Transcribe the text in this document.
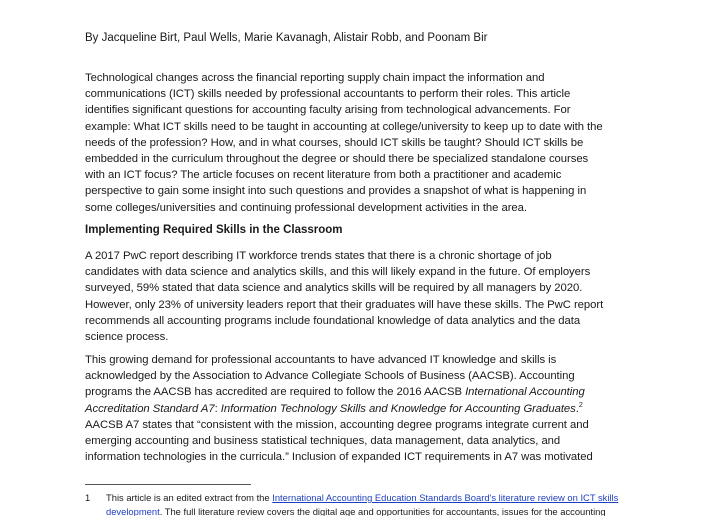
By Jacqueline Birt, Paul Wells, Marie Kavanagh, Alistair Robb, and Poonam Bir
Technological changes across the financial reporting supply chain impact the information and
communications (ICT) skills needed by professional accountants to perform their roles. This article
identifies significant questions for accounting faculty arising from technological advancements. For
example: What ICT skills need to be taught in accounting at college/university to keep up to date with the
needs of the profession? How, and in what courses, should ICT skills be taught? Should ICT skills be
embedded in the curriculum throughout the degree or should there be specialized standalone courses
with an ICT focus? The article focuses on recent literature from both a practitioner and academic
perspective to gain some insight into such questions and provides a snapshot of what is happening in
some colleges/universities and continuing professional development activities in the area.
Implementing Required Skills in the Classroom
A 2017 PwC report describing IT workforce trends states that there is a chronic shortage of job
candidates with data science and analytics skills, and this will likely expand in the future. Of employers
surveyed, 59% stated that data science and analytics skills will be required by all managers by 2020.
However, only 23% of university leaders report that their graduates will have these skills. The PwC report
recommends all accounting programs include foundational knowledge of data analytics and the data
science process.
This growing demand for professional accountants to have advanced IT knowledge and skills is
acknowledged by the Association to Advance Collegiate Schools of Business (AACSB). Accounting
programs the AACSB has accredited are required to follow the 2016 AACSB International Accounting
Accreditation Standard A7: Information Technology Skills and Knowledge for Accounting Graduates.$^2$
AACSB A7 states that “consistent with the mission, accounting degree programs integrate current and
emerging accounting and business statistical techniques, data management, data analytics, and
information technologies in the curricula.” Inclusion of expanded ICT requirements in A7 was motivated
1 This article is an edited extract from the International Accounting Education Standards Board's literature review on ICT skills
development. The full literature review covers the digital age and opportunities for accountants, issues for the accounting
